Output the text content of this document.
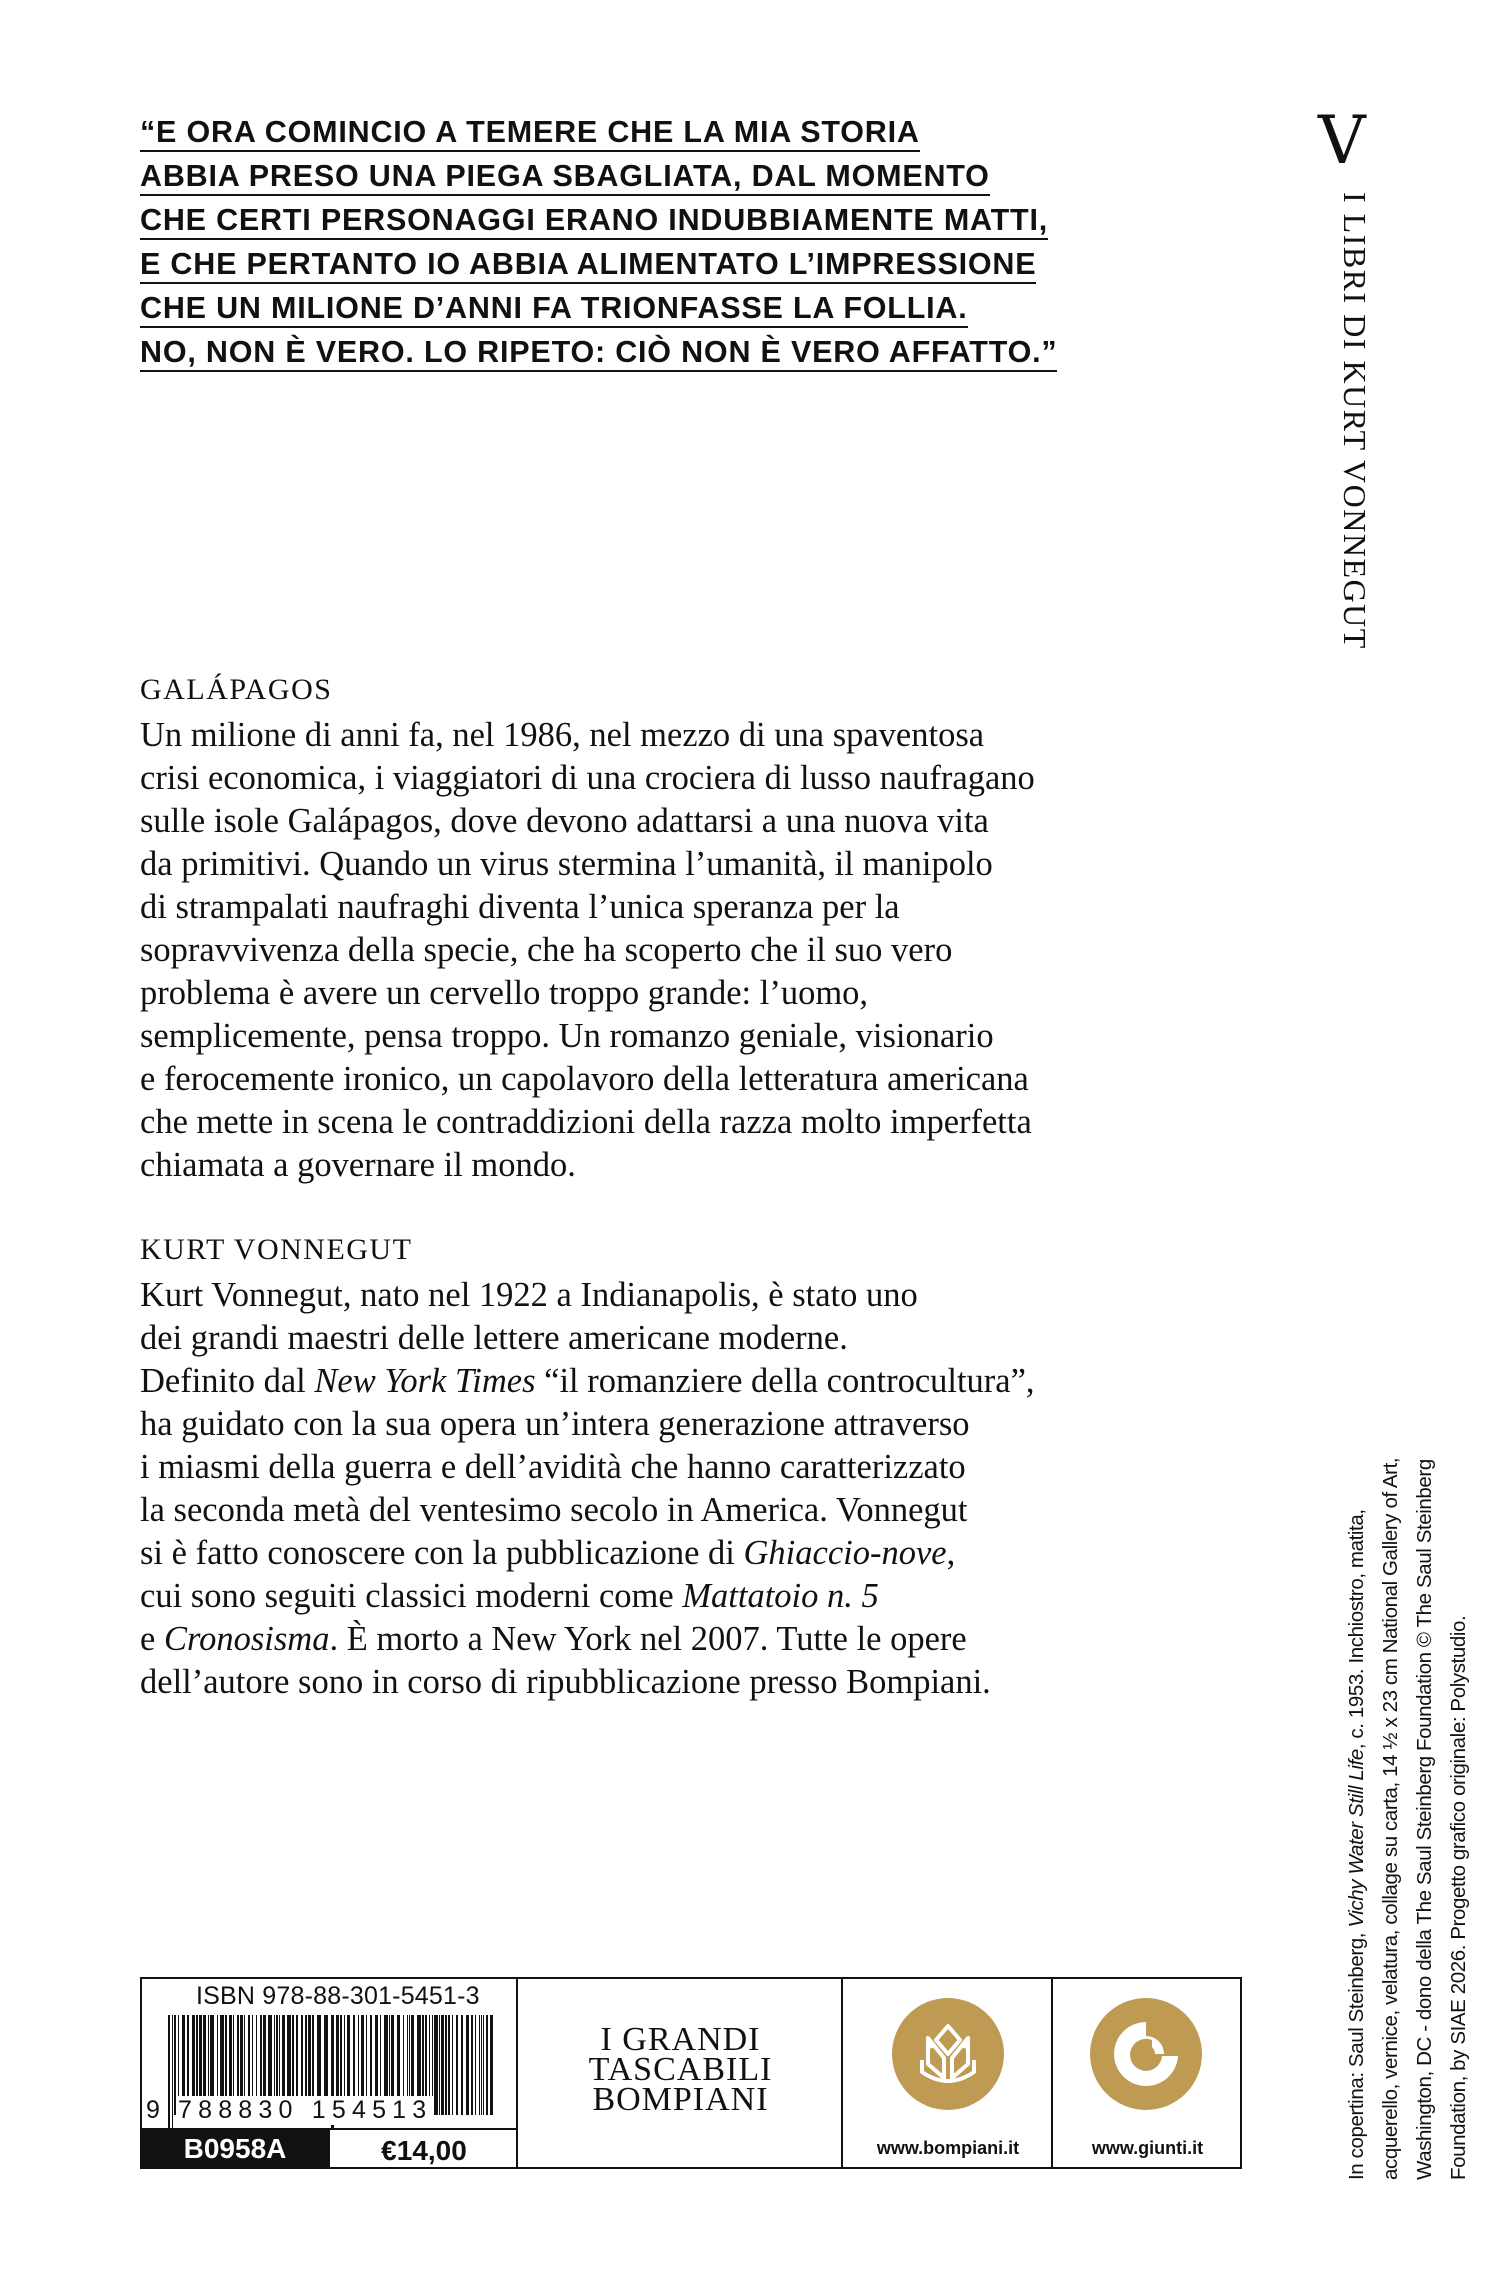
“E ORA COMINCIO A TEMERE CHE LA MIA STORIA
ABBIA PRESO UNA PIEGA SBAGLIATA, DAL MOMENTO
CHE CERTI PERSONAGGI ERANO INDUBBIAMENTE MATTI,
E CHE PERTANTO IO ABBIA ALIMENTATO L’IMPRESSIONE
CHE UN MILIONE D’ANNI FA TRIONFASSE LA FOLLIA.
NO, NON È VERO. LO RIPETO: CIÒ NON È VERO AFFATTO.”
V
I LIBRI DI KURT VONNEGUT
GALÁPAGOS
Un milione di anni fa, nel 1986, nel mezzo di una spaventosa
crisi economica, i viaggiatori di una crociera di lusso naufragano
sulle isole Galápagos, dove devono adattarsi a una nuova vita
da primitivi. Quando un virus stermina l’umanità, il manipolo
di strampalati naufraghi diventa l’unica speranza per la
sopravvivenza della specie, che ha scoperto che il suo vero
problema è avere un cervello troppo grande: l’uomo,
semplicemente, pensa troppo. Un romanzo geniale, visionario
e ferocemente ironico, un capolavoro della letteratura americana
che mette in scena le contraddizioni della razza molto imperfetta
chiamata a governare il mondo.
KURT VONNEGUT
Kurt Vonnegut, nato nel 1922 a Indianapolis, è stato uno
dei grandi maestri delle lettere americane moderne.
Definito dal New York Times “il romanziere della controcultura”,
ha guidato con la sua opera un’intera generazione attraverso
i miasmi della guerra e dell’avidità che hanno caratterizzato
la seconda metà del ventesimo secolo in America. Vonnegut
si è fatto conoscere con la pubblicazione di Ghiaccio-nove,
cui sono seguiti classici moderni come Mattatoio n. 5
e Cronosisma. È morto a New York nel 2007. Tutte le opere
dell’autore sono in corso di ripubblicazione presso Bompiani.
In copertina: Saul Steinberg, Vichy Water Still Life, c. 1953. Inchiostro, matita, acquerello, vernice, velatura, collage su carta, 14 ½ x 23 cm National Gallery of Art, Washington, DC - dono della The Saul Steinberg Foundation © The Saul Steinberg Foundation, by SIAE 2026. Progetto grafico originale: Polystudio.
ISBN 978-88-301-5451-3
9 788830 154513
B0958A	€14,00
I GRANDI
TASCABILI
BOMPIANI
www.bompiani.it	www.giunti.it
